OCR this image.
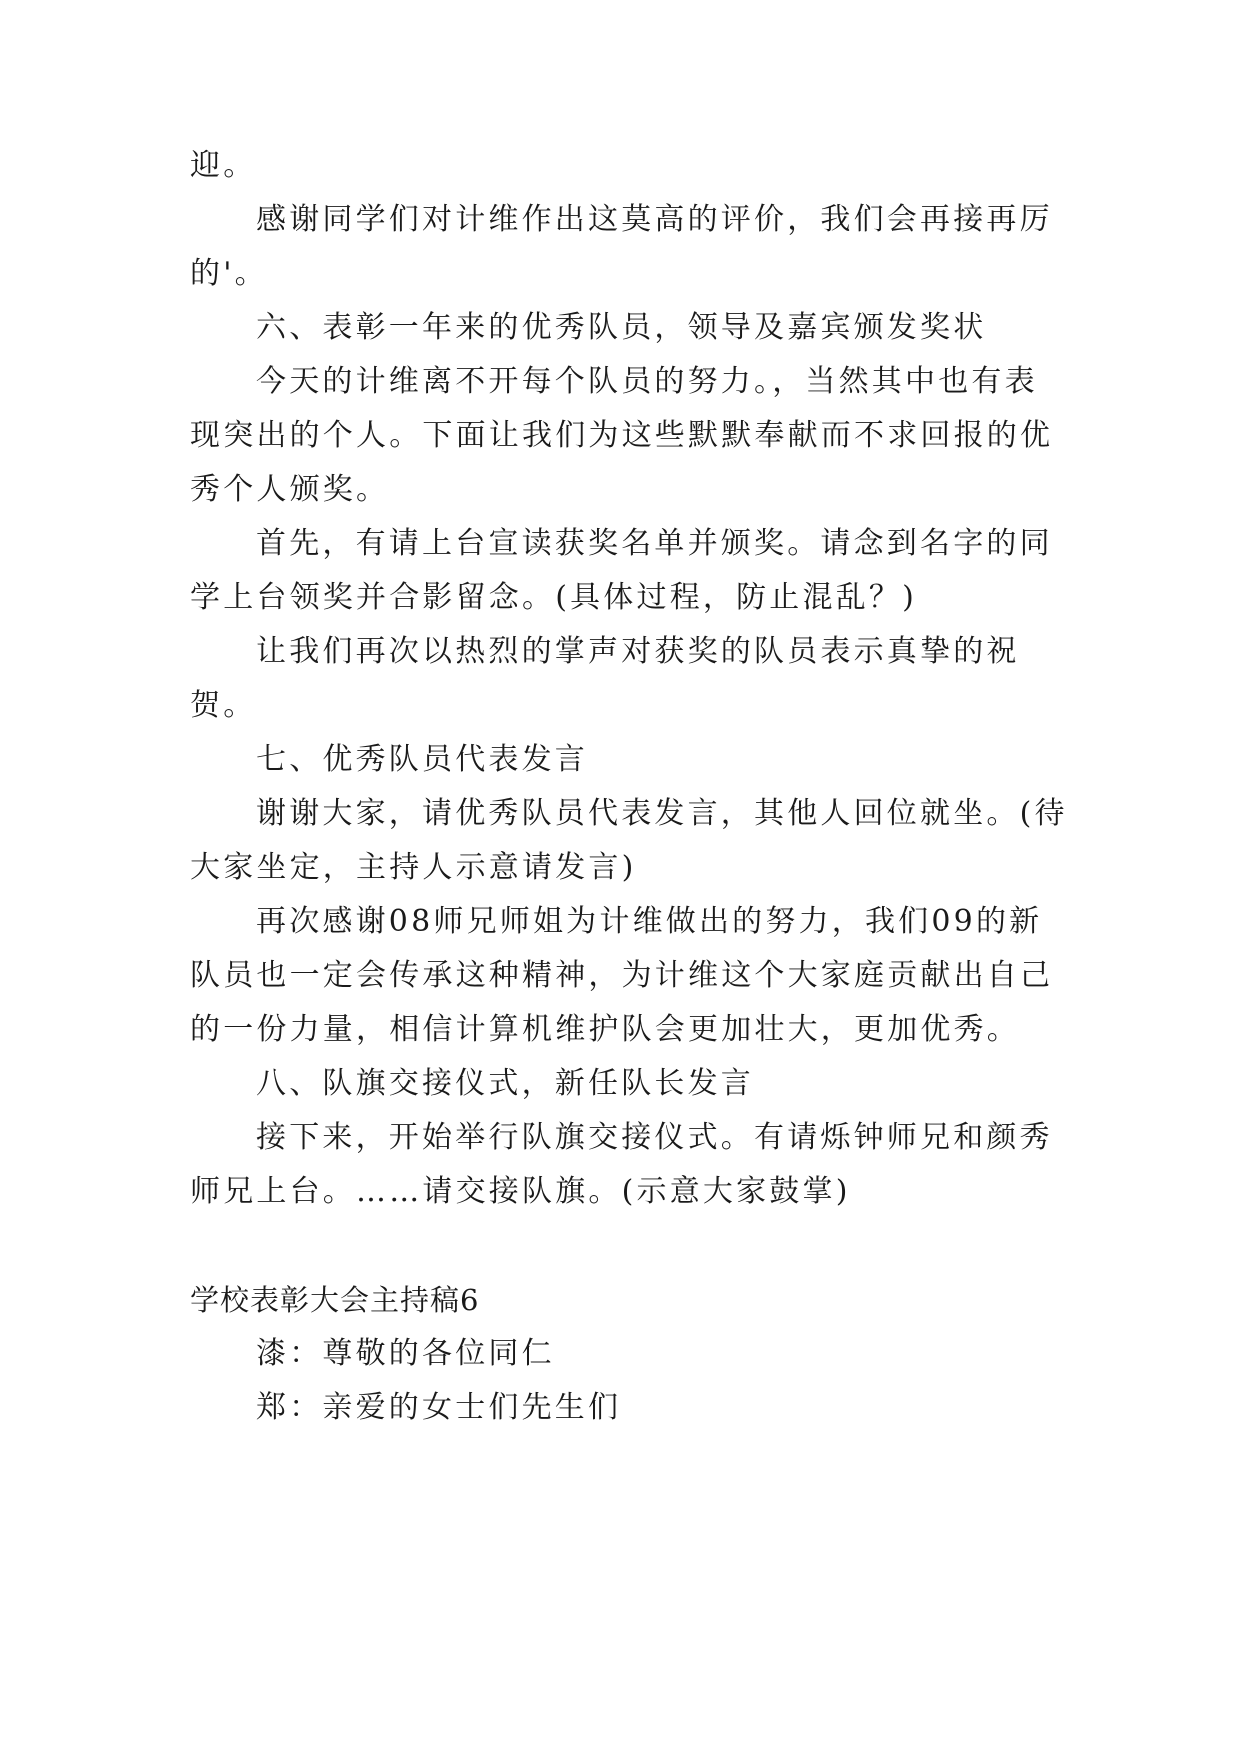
迎。
感谢同学们对计维作出这莫高的评价，我们会再接再厉
的'。
六、表彰一年来的优秀队员，领导及嘉宾颁发奖状
今天的计维离不开每个队员的努力。，当然其中也有表
现突出的个人。下面让我们为这些默默奉献而不求回报的优
秀个人颁奖。
首先，有请上台宣读获奖名单并颁奖。请念到名字的同
学上台领奖并合影留念。(具体过程，防止混乱？)
让我们再次以热烈的掌声对获奖的队员表示真挚的祝
贺。
七、优秀队员代表发言
谢谢大家，请优秀队员代表发言，其他人回位就坐。(待
大家坐定，主持人示意请发言)
再次感谢08师兄师姐为计维做出的努力，我们09的新
队员也一定会传承这种精神，为计维这个大家庭贡献出自己
的一份力量，相信计算机维护队会更加壮大，更加优秀。
八、队旗交接仪式，新任队长发言
接下来，开始举行队旗交接仪式。有请烁钟师兄和颜秀
师兄上台。……请交接队旗。(示意大家鼓掌)
学校表彰大会主持稿6
漆：尊敬的各位同仁
郑：亲爱的女士们先生们
